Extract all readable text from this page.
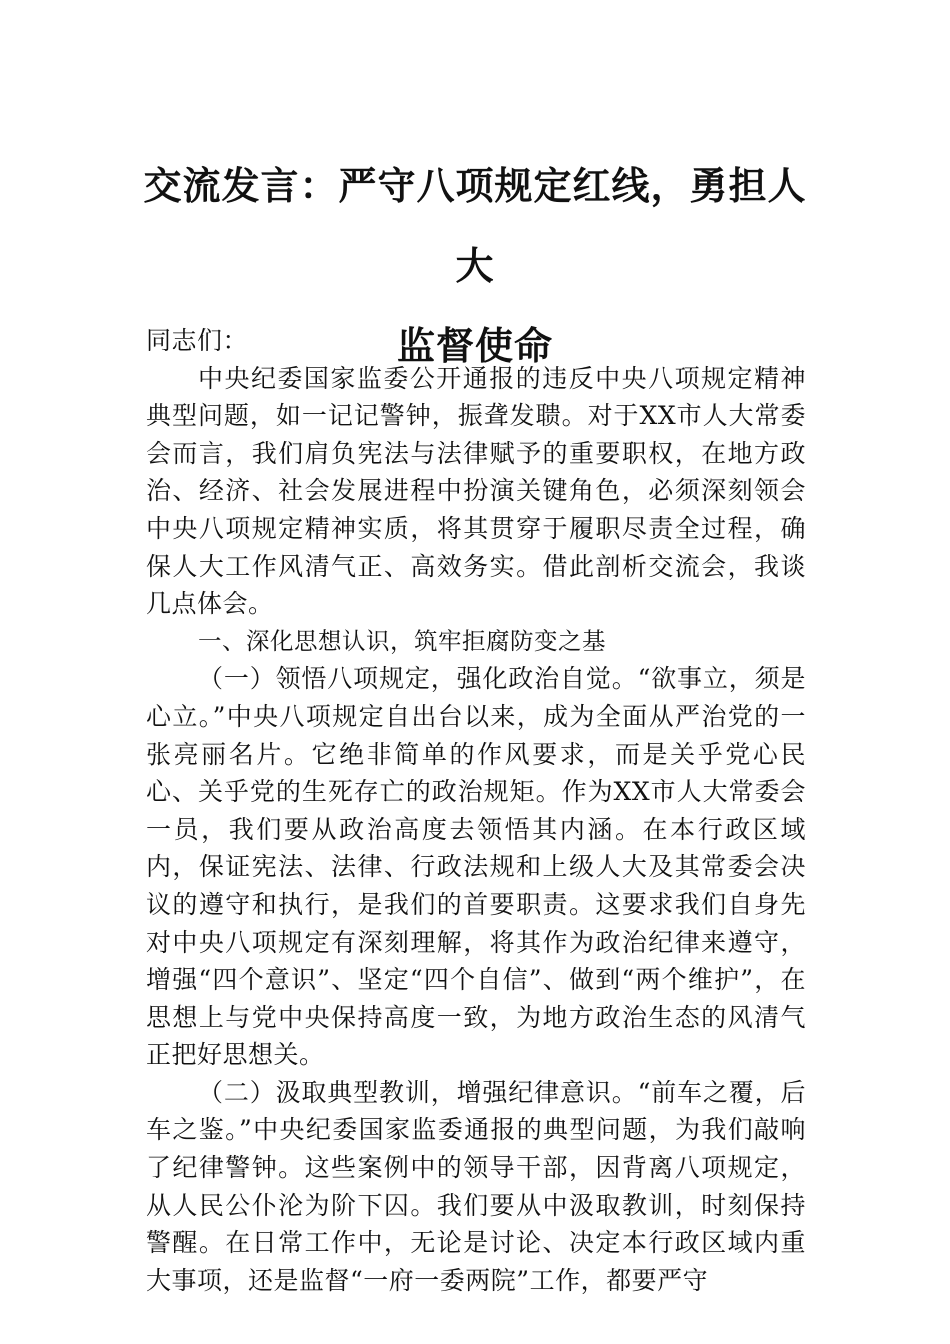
交流发言：严守八项规定红线，勇担人大
监督使命

同志们：

中央纪委国家监委公开通报的违反中央八项规定精神典型问题，如一记记警钟，振聋发聩。对于XX市人大常委会而言，我们肩负宪法与法律赋予的重要职权，在地方政治、经济、社会发展进程中扮演关键角色，必须深刻领会中央八项规定精神实质，将其贯穿于履职尽责全过程，确保人大工作风清气正、高效务实。借此剖析交流会，我谈几点体会。

一、深化思想认识，筑牢拒腐防变之基

（一）领悟八项规定，强化政治自觉。“欲事立，须是心立。”中央八项规定自出台以来，成为全面从严治党的一张亮丽名片。它绝非简单的作风要求，而是关乎党心民心、关乎党的生死存亡的政治规矩。作为XX市人大常委会一员，我们要从政治高度去领悟其内涵。在本行政区域内，保证宪法、法律、行政法规和上级人大及其常委会决议的遵守和执行，是我们的首要职责。这要求我们自身先对中央八项规定有深刻理解，将其作为政治纪律来遵守，增强“四个意识”、坚定“四个自信”、做到“两个维护”，在思想上与党中央保持高度一致，为地方政治生态的风清气正把好思想关。

（二）汲取典型教训，增强纪律意识。“前车之覆，后车之鉴。”中央纪委国家监委通报的典型问题，为我们敲响了纪律警钟。这些案例中的领导干部，因背离八项规定，从人民公仆沦为阶下囚。我们要从中汲取教训，时刻保持警醒。在日常工作中，无论是讨论、决定本行政区域内重大事项，还是监督“一府一委两院”工作，都要严守
